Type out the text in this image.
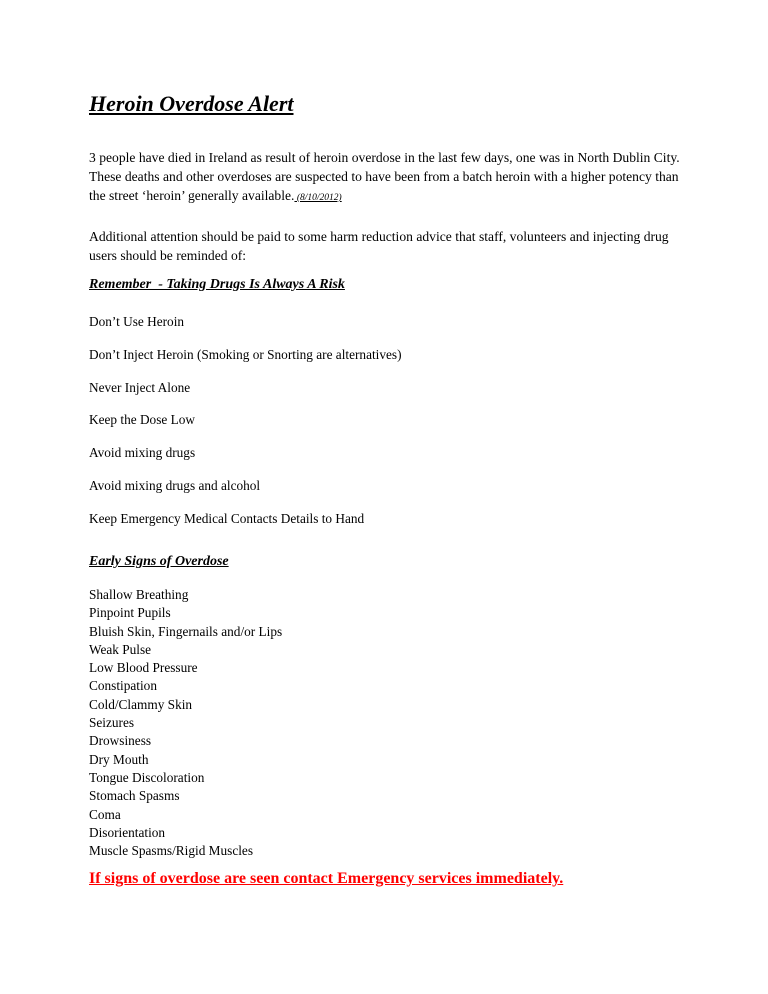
Heroin Overdose Alert

3 people have died in Ireland as result of heroin overdose in the last few days, one was in North Dublin City. These deaths and other overdoses are suspected to have been from a batch heroin with a higher potency than the street ‘heroin’ generally available. (8/10/2012)

Additional attention should be paid to some harm reduction advice that staff, volunteers and injecting drug users should be reminded of:

Remember  - Taking Drugs Is Always A Risk
Don’t Use Heroin
Don’t Inject Heroin (Smoking or Snorting are alternatives)
Never Inject Alone
Keep the Dose Low
Avoid mixing drugs
Avoid mixing drugs and alcohol
Keep Emergency Medical Contacts Details to Hand
Early Signs of Overdose
Shallow Breathing
Pinpoint Pupils
Bluish Skin, Fingernails and/or Lips
Weak Pulse
Low Blood Pressure
Constipation
Cold/Clammy Skin
Seizures
Drowsiness
Dry Mouth
Tongue Discoloration
Stomach Spasms
Coma
Disorientation
Muscle Spasms/Rigid Muscles

If signs of overdose are seen contact Emergency services immediately.
